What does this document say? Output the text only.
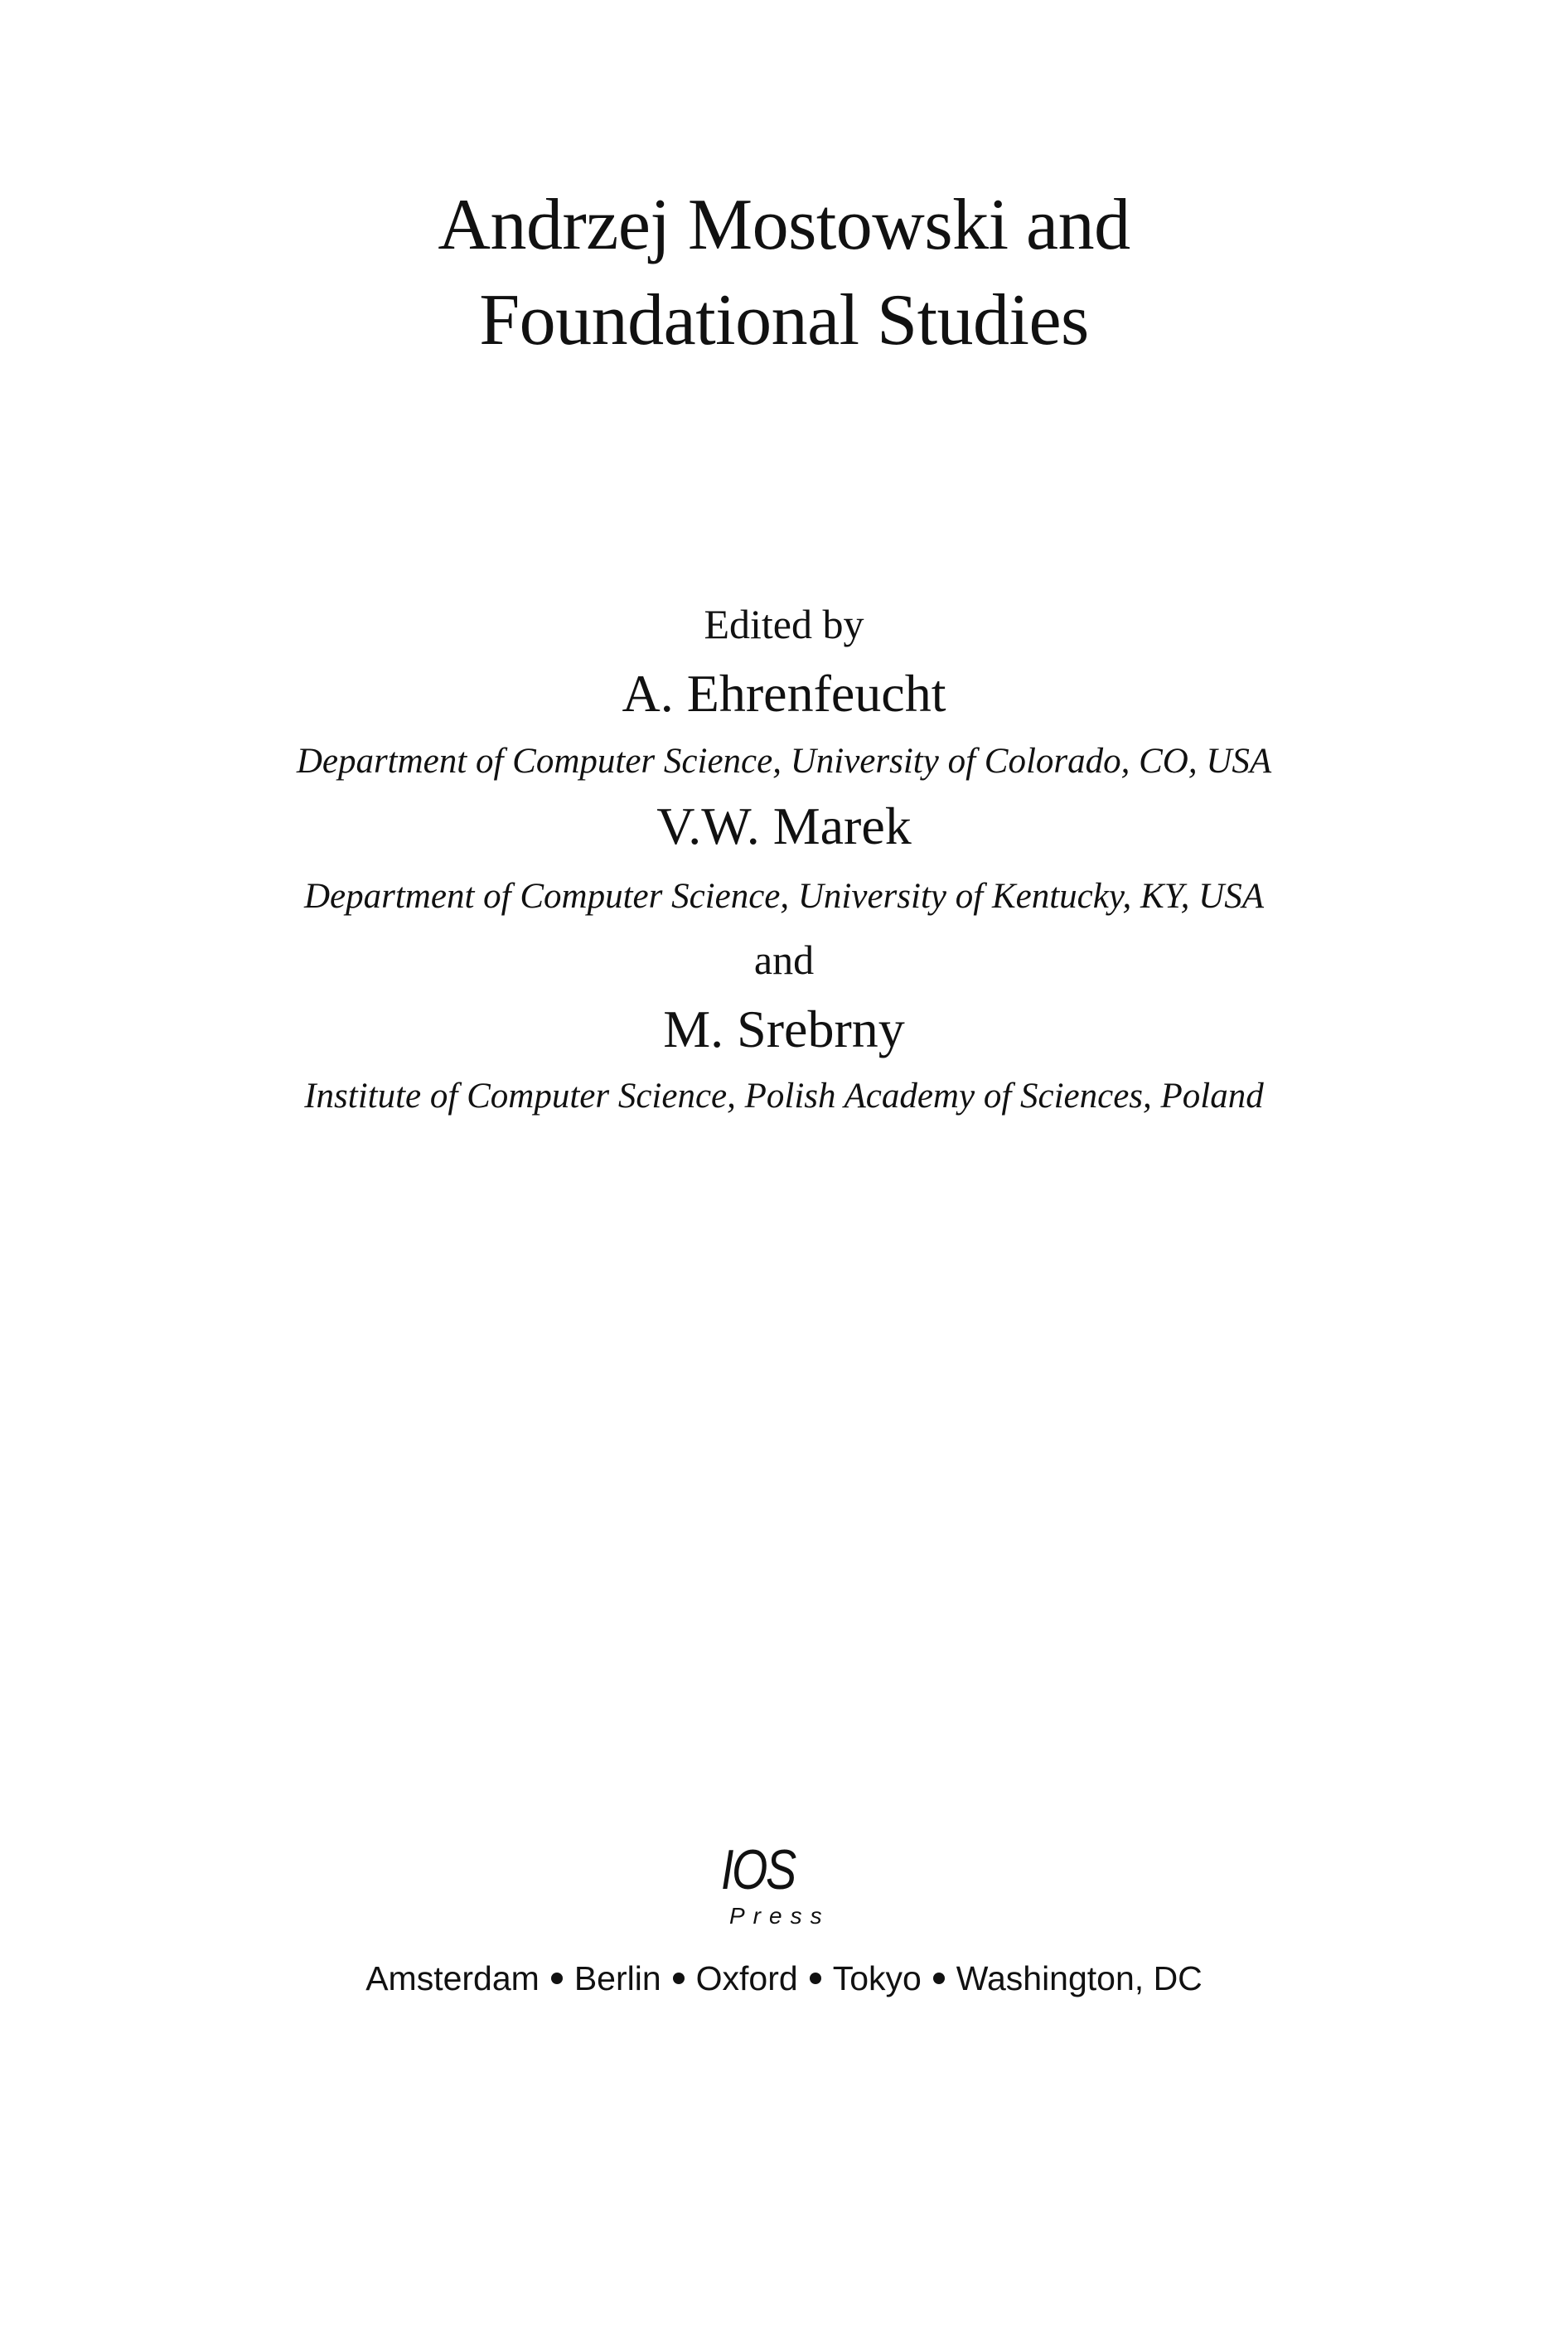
Andrzej Mostowski and
Foundational Studies
Edited by
A. Ehrenfeucht
Department of Computer Science, University of Colorado, CO, USA
V.W. Marek
Department of Computer Science, University of Kentucky, KY, USA
and
M. Srebrny
Institute of Computer Science, Polish Academy of Sciences, Poland
IOS
Press
Amsterdam Berlin Oxford Tokyo Washington, DC
